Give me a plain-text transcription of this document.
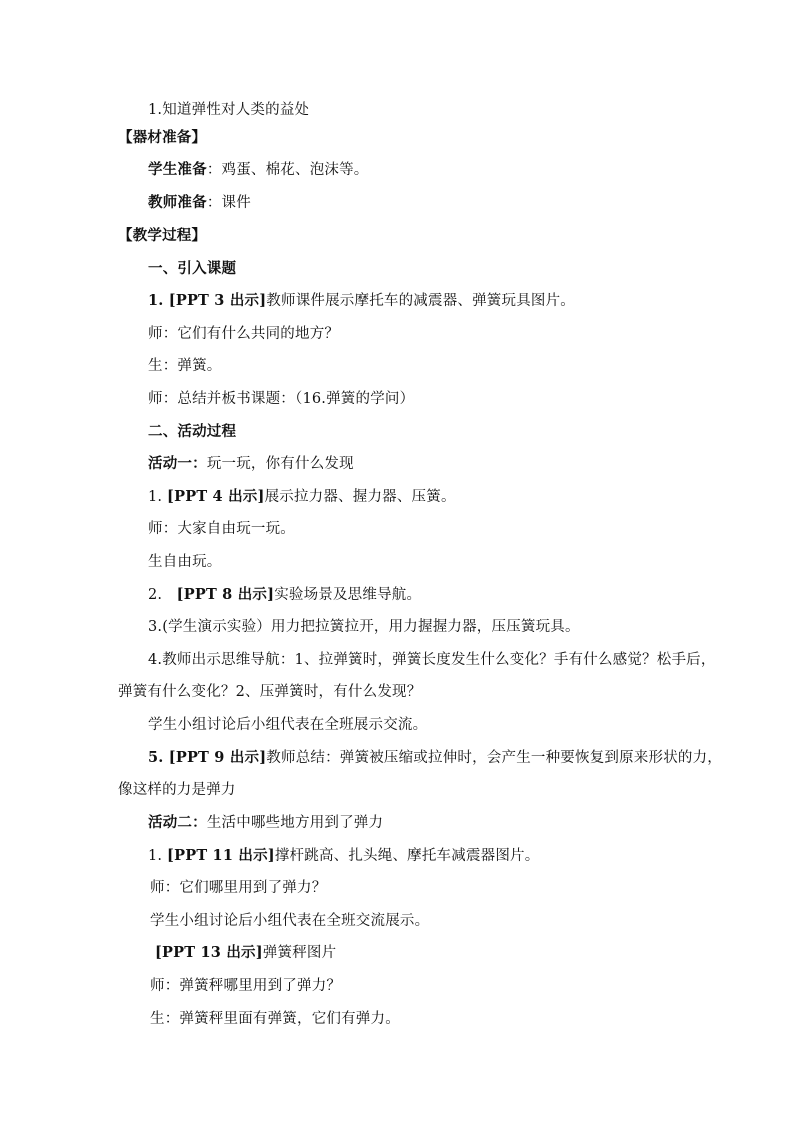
1.知道弹性对人类的益处
【器材准备】
学生准备：鸡蛋、棉花、泡沫等。
教师准备：课件
【教学过程】
一、引入课题
1. [PPT 3 出示]教师课件展示摩托车的减震器、弹簧玩具图片。
师：它们有什么共同的地方？
生：弹簧。
师：总结并板书课题：（16.弹簧的学问）
二、活动过程
活动一：玩一玩，你有什么发现
1. [PPT 4 出示]展示拉力器、握力器、压簧。
师：大家自由玩一玩。
生自由玩。
2.   [PPT 8 出示]实验场景及思维导航。
3.(学生演示实验）用力把拉簧拉开，用力握握力器，压压簧玩具。
4.教师出示思维导航：1、拉弹簧时，弹簧长度发生什么变化？手有什么感觉？松手后，
弹簧有什么变化？2、压弹簧时，有什么发现？
学生小组讨论后小组代表在全班展示交流。
5. [PPT 9 出示]教师总结：弹簧被压缩或拉伸时，会产生一种要恢复到原来形状的力，
像这样的力是弹力
活动二：生活中哪些地方用到了弹力
1. [PPT 11 出示]撑杆跳高、扎头绳、摩托车减震器图片。
师：它们哪里用到了弹力？
学生小组讨论后小组代表在全班交流展示。
[PPT 13 出示]弹簧秤图片
师：弹簧秤哪里用到了弹力？
生：弹簧秤里面有弹簧，它们有弹力。
